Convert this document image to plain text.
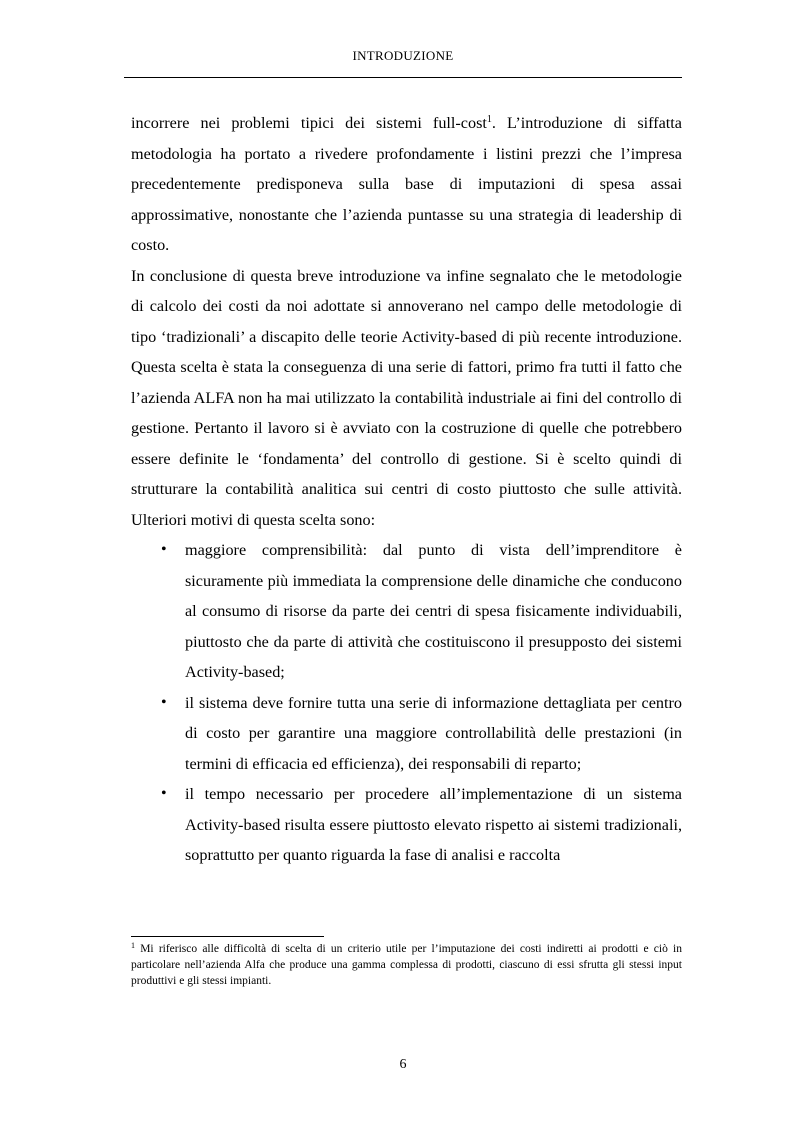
INTRODUZIONE

incorrere nei problemi tipici dei sistemi full-cost$^1$. L’introduzione di siffatta metodologia ha portato a rivedere profondamente i listini prezzi che l’impresa precedentemente predisponeva sulla base di imputazioni di spesa assai approssimative, nonostante che l’azienda puntasse su una strategia di leadership di costo.

In conclusione di questa breve introduzione va infine segnalato che le metodologie di calcolo dei costi da noi adottate si annoverano nel campo delle metodologie di tipo ‘tradizionali’ a discapito delle teorie Activity-based di più recente introduzione. Questa scelta è stata la conseguenza di una serie di fattori, primo fra tutti il fatto che l’azienda ALFA non ha mai utilizzato la contabilità industriale ai fini del controllo di gestione. Pertanto il lavoro si è avviato con la costruzione di quelle che potrebbero essere definite le ‘fondamenta’ del controllo di gestione. Si è scelto quindi di strutturare la contabilità analitica sui centri di costo piuttosto che sulle attività. Ulteriori motivi di questa scelta sono:

• maggiore comprensibilità: dal punto di vista dell’imprenditore è sicuramente più immediata la comprensione delle dinamiche che conducono al consumo di risorse da parte dei centri di spesa fisicamente individuabili, piuttosto che da parte di attività che costituiscono il presupposto dei sistemi Activity-based;
• il sistema deve fornire tutta una serie di informazione dettagliata per centro di costo per garantire una maggiore controllabilità delle prestazioni (in termini di efficacia ed efficienza), dei responsabili di reparto;
• il tempo necessario per procedere all’implementazione di un sistema Activity-based risulta essere piuttosto elevato rispetto ai sistemi tradizionali, soprattutto per quanto riguarda la fase di analisi e raccolta
$^1$ Mi riferisco alle difficoltà di scelta di un criterio utile per l’imputazione dei costi indiretti ai prodotti e ciò in particolare nell’azienda Alfa che produce una gamma complessa di prodotti, ciascuno di essi sfrutta gli stessi input produttivi e gli stessi impianti.
6
